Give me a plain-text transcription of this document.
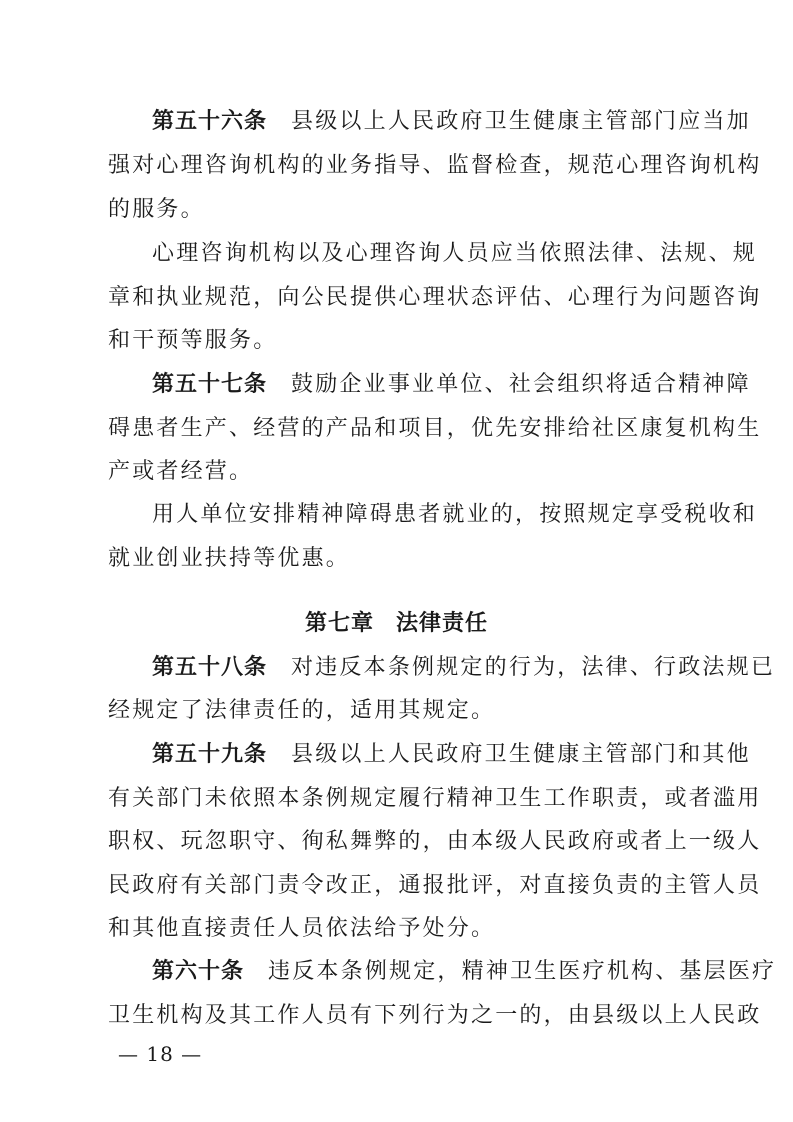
第五十六条 县级以上人民政府卫生健康主管部门应当加
强对心理咨询机构的业务指导、监督检查，规范心理咨询机构
的服务。
心理咨询机构以及心理咨询人员应当依照法律、法规、规
章和执业规范，向公民提供心理状态评估、心理行为问题咨询
和干预等服务。
第五十七条 鼓励企业事业单位、社会组织将适合精神障
碍患者生产、经营的产品和项目，优先安排给社区康复机构生
产或者经营。
用人单位安排精神障碍患者就业的，按照规定享受税收和
就业创业扶持等优惠。
第七章 法律责任
第五十八条 对违反本条例规定的行为，法律、行政法规已
经规定了法律责任的，适用其规定。
第五十九条 县级以上人民政府卫生健康主管部门和其他
有关部门未依照本条例规定履行精神卫生工作职责，或者滥用
职权、玩忽职守、徇私舞弊的，由本级人民政府或者上一级人
民政府有关部门责令改正，通报批评，对直接负责的主管人员
和其他直接责任人员依法给予处分。
第六十条 违反本条例规定，精神卫生医疗机构、基层医疗
卫生机构及其工作人员有下列行为之一的，由县级以上人民政
— 18 —
